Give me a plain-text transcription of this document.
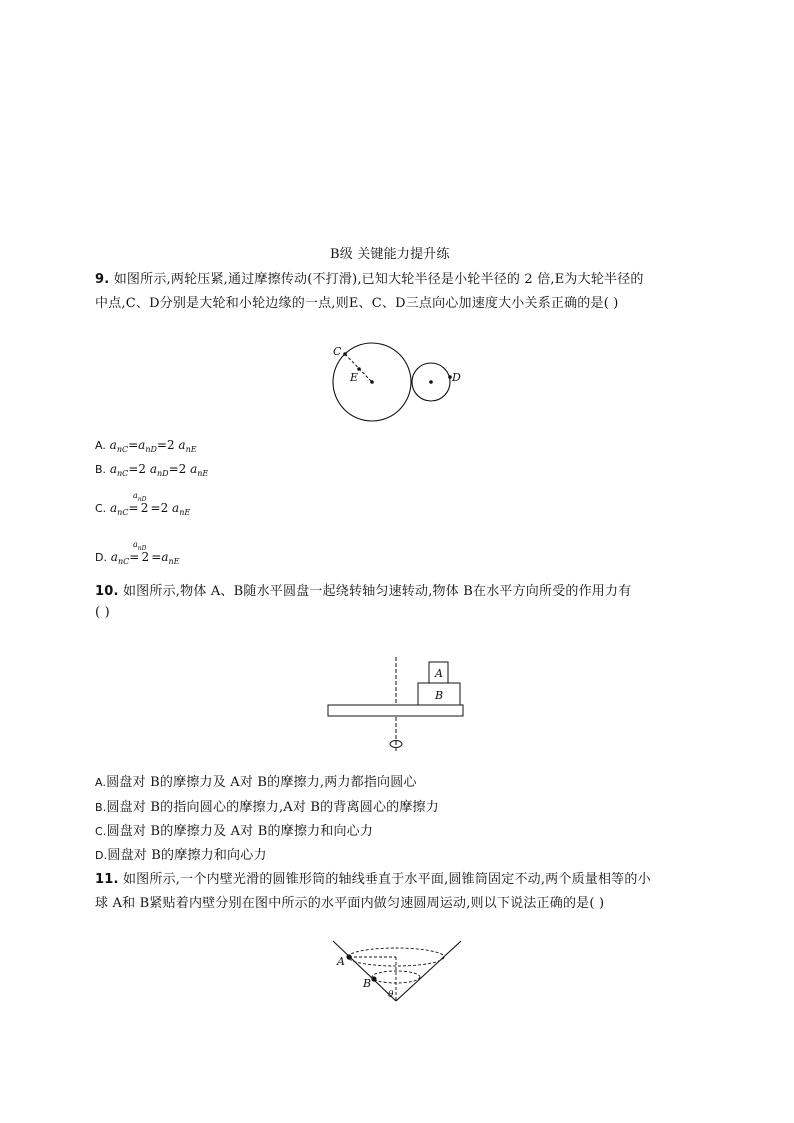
B级 关键能力提升练
9. 如图所示,两轮压紧,通过摩擦传动(不打滑),已知大轮半径是小轮半径的 2 倍,E为大轮半径的
中点,C、D分别是大轮和小轮边缘的一点,则E、C、D三点向心加速度大小关系正确的是( )
C
E	D
A. $a_{nC}=a_{nD}=2$ $a_{nE}$
B. $a_{nC}=2$ $a_{nD}=2$ $a_{nE}$
C. $a_{nC}= 2 =2$ $a_{nE}$
$a_{nD}$
D. $a_{nC}= 2 =a_{nE}$
$a_{nD}$
10. 如图所示,物体 A、B随水平圆盘一起绕转轴匀速转动,物体 B在水平方向所受的作用力有
( )
A
B
A.圆盘对 B的摩擦力及 A对 B的摩擦力,两力都指向圆心
B.圆盘对 B的指向圆心的摩擦力,A对 B的背离圆心的摩擦力
C.圆盘对 B的摩擦力及 A对 B的摩擦力和向心力
D.圆盘对 B的摩擦力和向心力
11. 如图所示,一个内壁光滑的圆锥形筒的轴线垂直于水平面,圆锥筒固定不动,两个质量相等的小
球 A和 B紧贴着内壁分别在图中所示的水平面内做匀速圆周运动,则以下说法正确的是( )
A
B
θ
